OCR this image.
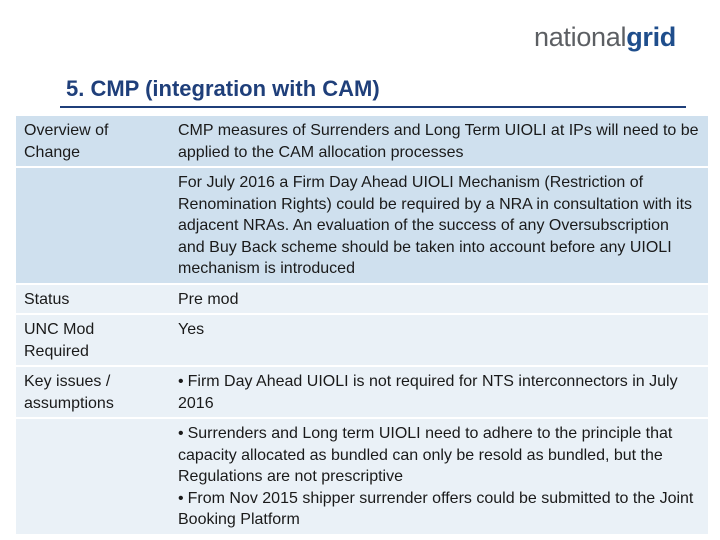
nationalgrid
5. CMP (integration with CAM)
Overview of Change	CMP measures of Surrenders and Long Term UIOLI at IPs will need to be applied to the CAM allocation processes
	For July 2016 a Firm Day Ahead UIOLI Mechanism (Restriction of Renomination Rights) could be required by a NRA in consultation with its adjacent NRAs. An evaluation of the success of any Oversubscription and Buy Back scheme should be taken into account before any UIOLI mechanism is introduced
Status	Pre mod
UNC Mod Required	Yes
Key issues / assumptions	• Firm Day Ahead UIOLI is not required for NTS interconnectors in July 2016

	• Surrenders and Long term UIOLI need to adhere to the principle that capacity allocated as bundled can only be resold as bundled, but the Regulations are not prescriptive
• From Nov 2015 shipper surrender offers could be submitted to the Joint Booking Platform
